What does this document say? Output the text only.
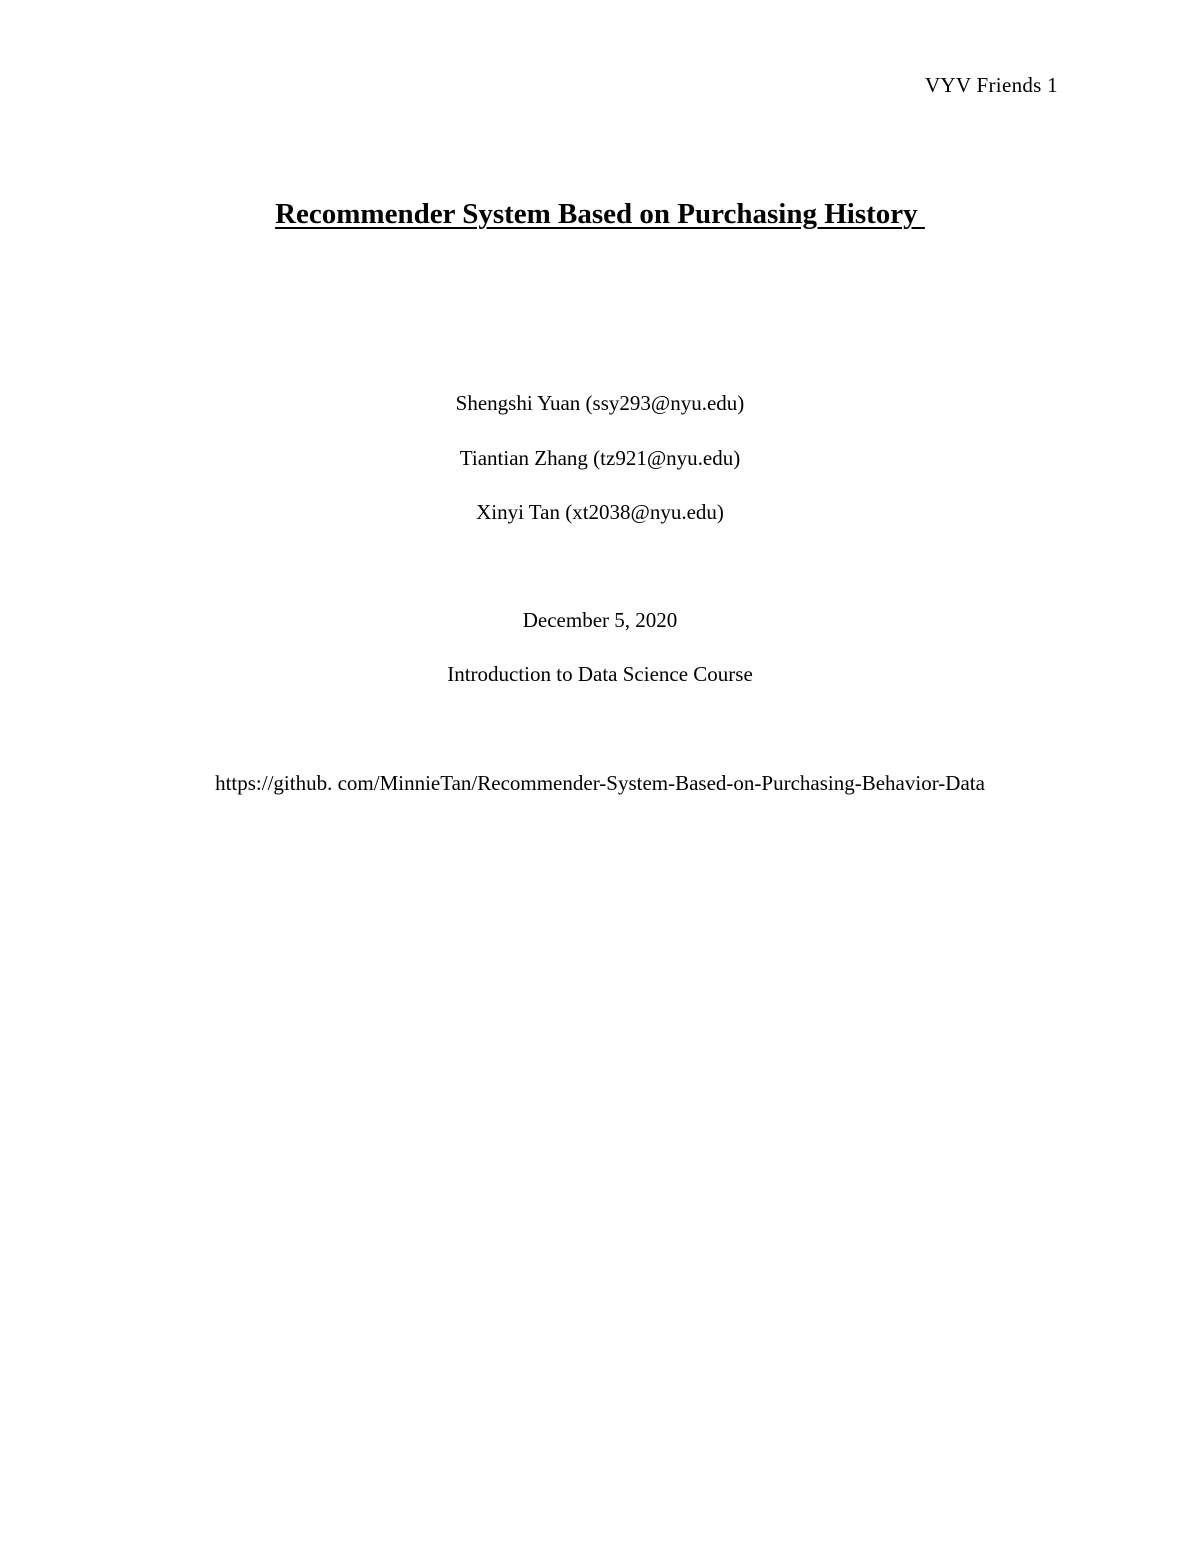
VYV Friends 1
Recommender System Based on Purchasing History
Shengshi Yuan (ssy293@nyu.edu)
Tiantian Zhang (tz921@nyu.edu)
Xinyi Tan (xt2038@nyu.edu)
December 5, 2020
Introduction to Data Science Course
https://github. com/MinnieTan/Recommender-System-Based-on-Purchasing-Behavior-Data
